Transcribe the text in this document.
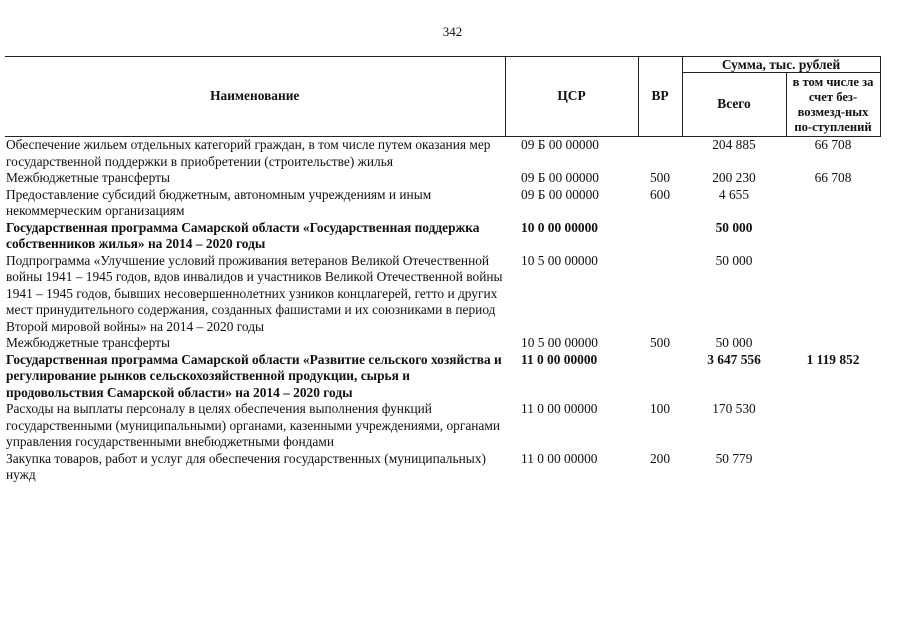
342
Наименование	ЦСР	ВР	Сумма, тыс. рублей	
			Всего	в том числе за счет без-возмезд-ных по-ступлений
Обеспечение жильем отдельных категорий граждан, в том числе путем оказания мер государственной поддержки в приобретении (строительстве) жилья	09 Б 00 00000		204 885	66 708
Межбюджетные трансферты	09 Б 00 00000	500	200 230	66 708
Предоставление субсидий бюджетным, автономным учреждениям и иным некоммерческим организациям	09 Б 00 00000	600	4 655	
Государственная программа Самарской области «Государственная поддержка собственников жилья» на 2014 – 2020 годы	10 0 00 00000		50 000	
Подпрограмма «Улучшение условий проживания ветеранов Великой Отечественной войны 1941 – 1945 годов, вдов инвалидов и участников Великой Отечественной войны 1941 – 1945 годов, бывших несовершеннолетних узников концлагерей, гетто и других мест принудительного содержания, созданных фашистами и их союзниками в период Второй мировой войны» на 2014 – 2020 годы	10 5 00 00000		50 000	
Межбюджетные трансферты	10 5 00 00000	500	50 000	
Государственная программа Самарской области «Развитие сельского хозяйства и регулирование рынков сельскохозяйственной продукции, сырья и продовольствия Самарской области» на 2014 – 2020 годы	11 0 00 00000		3 647 556	1 119 852
Расходы на выплаты персоналу в целях обеспечения выполнения функций государственными (муниципальными) органами, казенными учреждениями, органами управления государственными внебюджетными фондами	11 0 00 00000	100	170 530	
Закупка товаров, работ и услуг для обеспечения государственных (муниципальных) нужд	11 0 00 00000	200	50 779	
